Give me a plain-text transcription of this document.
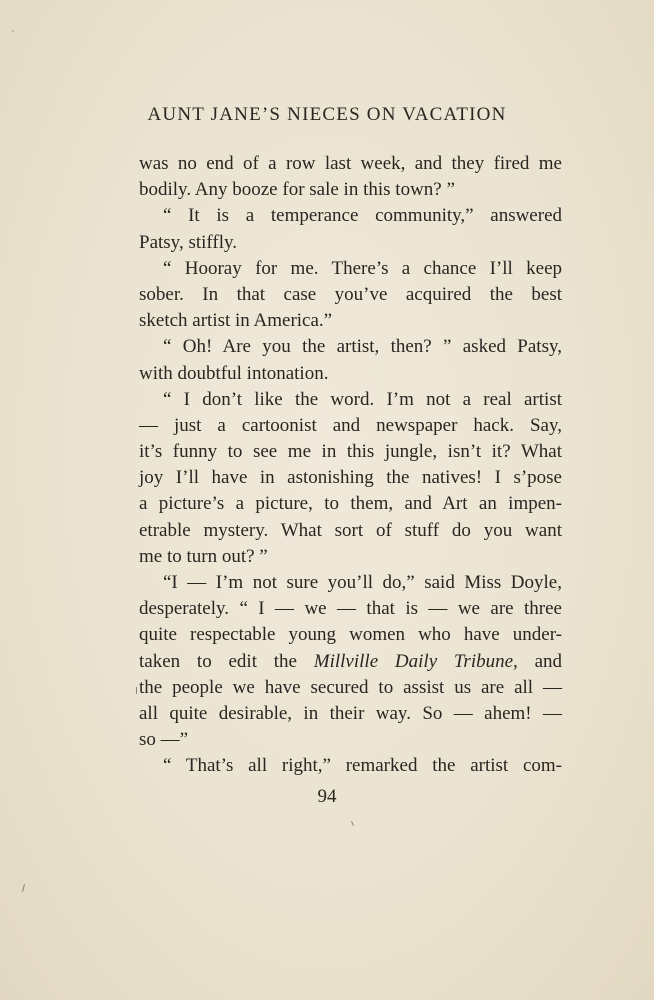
AUNT JANE’S NIECES ON VACATION
was no end of a row last week, and they fired me
bodily. Any booze for sale in this town? ”
“ It is a temperance community,” answered
Patsy, stiffly.
“ Hooray for me. There’s a chance I’ll keep
sober. In that case you’ve acquired the best
sketch artist in America.”
“ Oh! Are you the artist, then? ” asked Patsy,
with doubtful intonation.
“ I don’t like the word. I’m not a real artist
— just a cartoonist and newspaper hack. Say,
it’s funny to see me in this jungle, isn’t it? What
joy I’ll have in astonishing the natives! I s’pose
a picture’s a picture, to them, and Art an impen-
etrable mystery. What sort of stuff do you want
me to turn out? ”
“I — I’m not sure you’ll do,” said Miss Doyle,
desperately. “ I — we — that is — we are three
quite respectable young women who have under-
taken to edit the Millville Daily Tribune, and
the people we have secured to assist us are all —
all quite desirable, in their way. So — ahem! —
so —”
“ That’s all right,” remarked the artist com-
94
